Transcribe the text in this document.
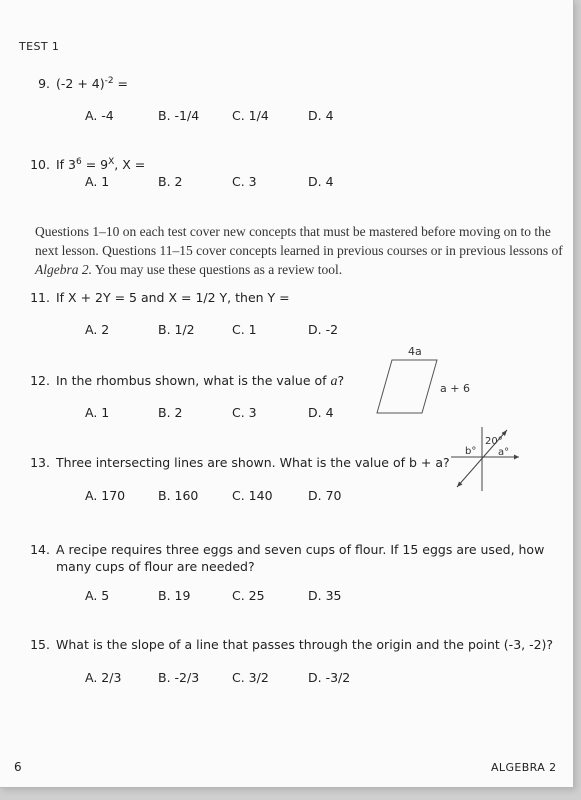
TEST 1
9. $(-2 + 4)^{-2}$ =
A. -4	B. -1/4	C. 1/4	D. 4
10. If $3^6 = 9^X$, X =
A. 1	B. 2	C. 3	D. 4
Questions 1–10 on each test cover new concepts that must be mastered before moving on to the
next lesson. Questions 11–15 cover concepts learned in previous courses or in previous lessons of
Algebra 2. You may use these questions as a review tool.
11. If X + 2Y = 5 and X = 1/2 Y, then Y =
A. 2	B. 1/2	C. 1	D. -2
12. In the rhombus shown, what is the value of a?
A. 1	B. 2	C. 3	D. 4
4a
a + 6
13. Three intersecting lines are shown. What is the value of b + a?
A. 170	B. 160	C. 140	D. 70
20°
b° a°
14. A recipe requires three eggs and seven cups of flour. If 15 eggs are used, how
many cups of flour are needed?
A. 5	B. 19	C. 25	D. 35
15. What is the slope of a line that passes through the origin and the point (-3, -2)?
A. 2/3	B. -2/3	C. 3/2	D. -3/2
6	ALGEBRA 2
